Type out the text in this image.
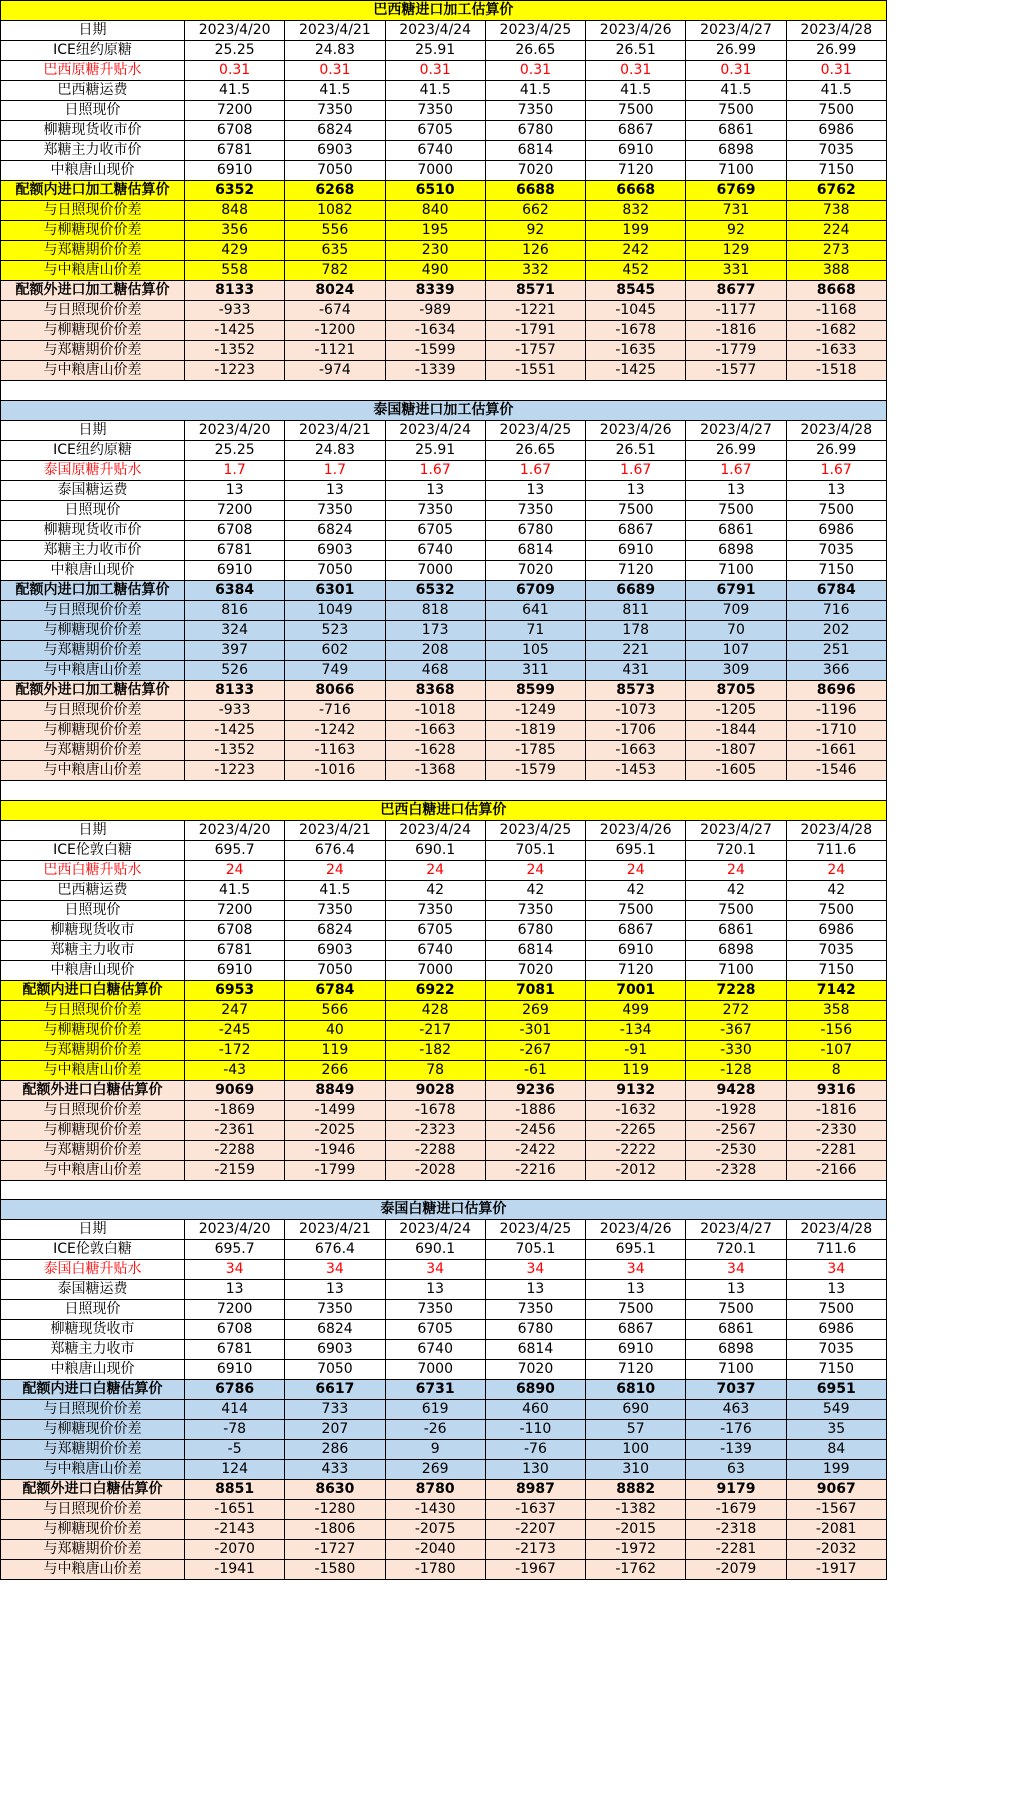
巴西糖进口加工估算价							
日期	2023/4/20	2023/4/21	2023/4/24	2023/4/25	2023/4/26	2023/4/27	2023/4/28
ICE纽约原糖	25.25	24.83	25.91	26.65	26.51	26.99	26.99
巴西原糖升贴水	0.31	0.31	0.31	0.31	0.31	0.31	0.31
巴西糖运费	41.5	41.5	41.5	41.5	41.5	41.5	41.5
日照现价	7200	7350	7350	7350	7500	7500	7500
柳糖现货收市价	6708	6824	6705	6780	6867	6861	6986
郑糖主力收市价	6781	6903	6740	6814	6910	6898	7035
中粮唐山现价	6910	7050	7000	7020	7120	7100	7150
配额内进口加工糖估算价	6352	6268	6510	6688	6668	6769	6762
与日照现价价差	848	1082	840	662	832	731	738
与柳糖现价价差	356	556	195	92	199	92	224
与郑糖期价价差	429	635	230	126	242	129	273
与中粮唐山价差	558	782	490	332	452	331	388
配额外进口加工糖估算价	8133	8024	8339	8571	8545	8677	8668
与日照现价价差	-933	-674	-989	-1221	-1045	-1177	-1168
与柳糖现价价差	-1425	-1200	-1634	-1791	-1678	-1816	-1682
与郑糖期价价差	-1352	-1121	-1599	-1757	-1635	-1779	-1633
与中粮唐山价差	-1223	-974	-1339	-1551	-1425	-1577	-1518

泰国糖进口加工估算价							
日期	2023/4/20	2023/4/21	2023/4/24	2023/4/25	2023/4/26	2023/4/27	2023/4/28
ICE纽约原糖	25.25	24.83	25.91	26.65	26.51	26.99	26.99
泰国原糖升贴水	1.7	1.7	1.67	1.67	1.67	1.67	1.67
泰国糖运费	13	13	13	13	13	13	13
日照现价	7200	7350	7350	7350	7500	7500	7500
柳糖现货收市价	6708	6824	6705	6780	6867	6861	6986
郑糖主力收市价	6781	6903	6740	6814	6910	6898	7035
中粮唐山现价	6910	7050	7000	7020	7120	7100	7150
配额内进口加工糖估算价	6384	6301	6532	6709	6689	6791	6784
与日照现价价差	816	1049	818	641	811	709	716
与柳糖现价价差	324	523	173	71	178	70	202
与郑糖期价价差	397	602	208	105	221	107	251
与中粮唐山价差	526	749	468	311	431	309	366
配额外进口加工糖估算价	8133	8066	8368	8599	8573	8705	8696
与日照现价价差	-933	-716	-1018	-1249	-1073	-1205	-1196
与柳糖现价价差	-1425	-1242	-1663	-1819	-1706	-1844	-1710
与郑糖期价价差	-1352	-1163	-1628	-1785	-1663	-1807	-1661
与中粮唐山价差	-1223	-1016	-1368	-1579	-1453	-1605	-1546

巴西白糖进口估算价							
日期	2023/4/20	2023/4/21	2023/4/24	2023/4/25	2023/4/26	2023/4/27	2023/4/28
ICE伦敦白糖	695.7	676.4	690.1	705.1	695.1	720.1	711.6
巴西白糖升贴水	24	24	24	24	24	24	24
巴西糖运费	41.5	41.5	42	42	42	42	42
日照现价	7200	7350	7350	7350	7500	7500	7500
柳糖现货收市	6708	6824	6705	6780	6867	6861	6986
郑糖主力收市	6781	6903	6740	6814	6910	6898	7035
中粮唐山现价	6910	7050	7000	7020	7120	7100	7150
配额内进口白糖估算价	6953	6784	6922	7081	7001	7228	7142
与日照现价价差	247	566	428	269	499	272	358
与柳糖现价价差	-245	40	-217	-301	-134	-367	-156
与郑糖期价价差	-172	119	-182	-267	-91	-330	-107
与中粮唐山价差	-43	266	78	-61	119	-128	8
配额外进口白糖估算价	9069	8849	9028	9236	9132	9428	9316
与日照现价价差	-1869	-1499	-1678	-1886	-1632	-1928	-1816
与柳糖现价价差	-2361	-2025	-2323	-2456	-2265	-2567	-2330
与郑糖期价价差	-2288	-1946	-2288	-2422	-2222	-2530	-2281
与中粮唐山价差	-2159	-1799	-2028	-2216	-2012	-2328	-2166

泰国白糖进口估算价							
日期	2023/4/20	2023/4/21	2023/4/24	2023/4/25	2023/4/26	2023/4/27	2023/4/28
ICE伦敦白糖	695.7	676.4	690.1	705.1	695.1	720.1	711.6
泰国白糖升贴水	34	34	34	34	34	34	34
泰国糖运费	13	13	13	13	13	13	13
日照现价	7200	7350	7350	7350	7500	7500	7500
柳糖现货收市	6708	6824	6705	6780	6867	6861	6986
郑糖主力收市	6781	6903	6740	6814	6910	6898	7035
中粮唐山现价	6910	7050	7000	7020	7120	7100	7150
配额内进口白糖估算价	6786	6617	6731	6890	6810	7037	6951
与日照现价价差	414	733	619	460	690	463	549
与柳糖现价价差	-78	207	-26	-110	57	-176	35
与郑糖期价价差	-5	286	9	-76	100	-139	84
与中粮唐山价差	124	433	269	130	310	63	199
配额外进口白糖估算价	8851	8630	8780	8987	8882	9179	9067
与日照现价价差	-1651	-1280	-1430	-1637	-1382	-1679	-1567
与柳糖现价价差	-2143	-1806	-2075	-2207	-2015	-2318	-2081
与郑糖期价价差	-2070	-1727	-2040	-2173	-1972	-2281	-2032
与中粮唐山价差	-1941	-1580	-1780	-1967	-1762	-2079	-1917
